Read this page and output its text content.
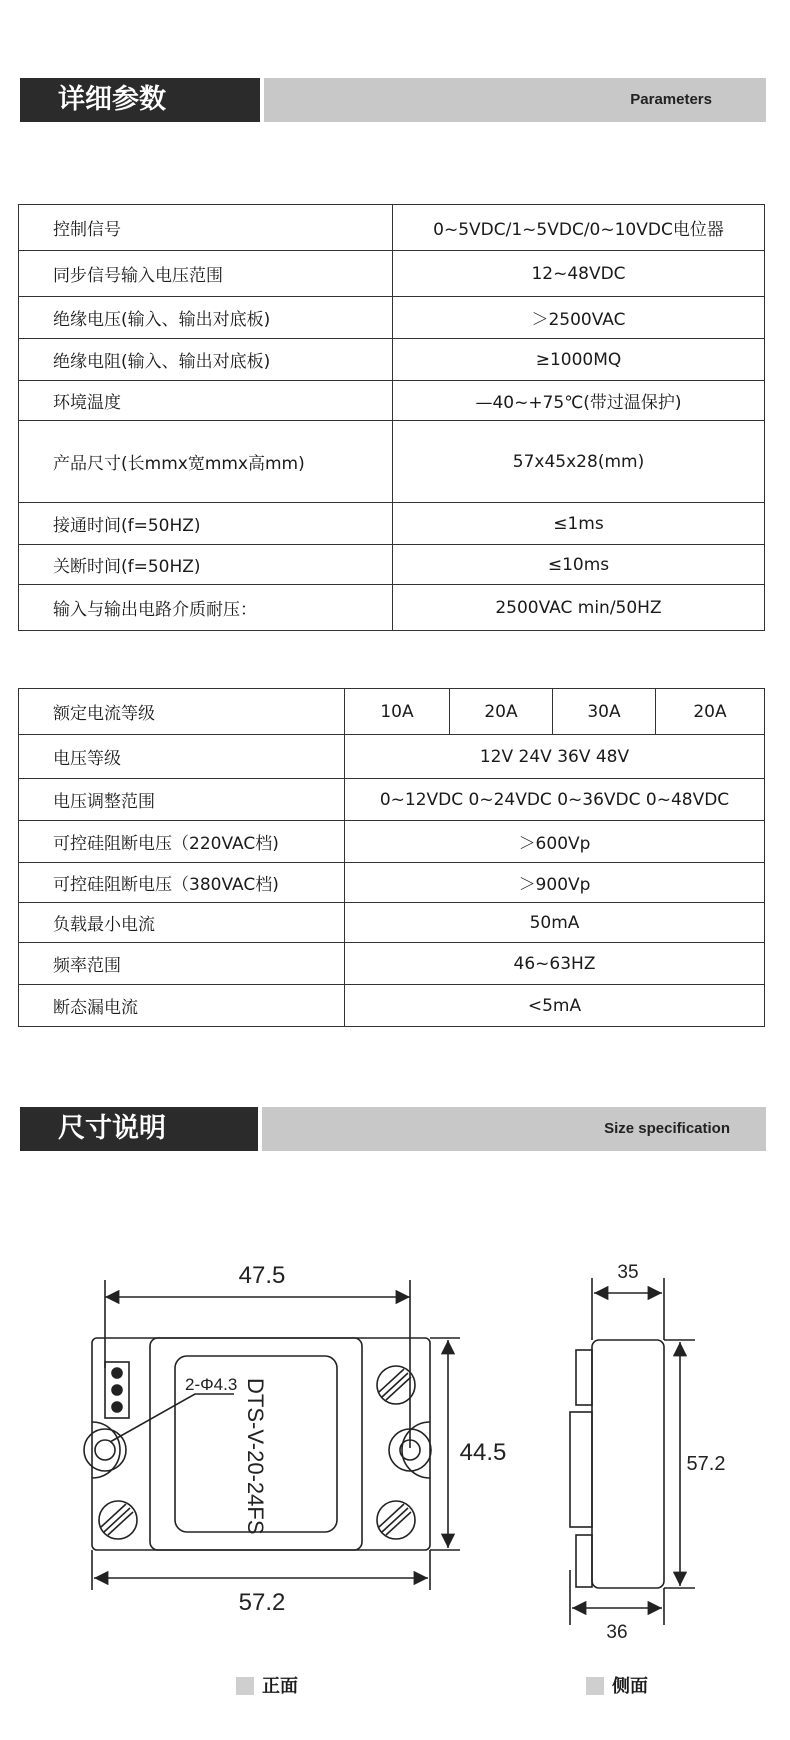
详细参数	Parameters
控制信号	0~5VDC/1~5VDC/0~10VDC电位器
同步信号输入电压范围	12~48VDC
绝缘电压(输入、输出对底板)	＞2500VAC
绝缘电阻(输入、输出对底板)	≥1000MQ
环境温度	—40~+75℃(带过温保护)
产品尺寸(长mmx宽mmx高mm)	57x45x28(mm)
接通时间(f=50HZ)	≤1ms
关断时间(f=50HZ)	≤10ms
输入与输出电路介质耐压：	2500VAC min/50HZ
额定电流等级	10A	20A	30A	20A
电压等级	12V 24V 36V 48V			
电压调整范围	0~12VDC 0~24VDC 0~36VDC 0~48VDC			
可控硅阻断电压（220VAC档)	＞600Vp			
可控硅阻断电压（380VAC档)	＞900Vp			
负载最小电流	50mA			
频率范围	46~63HZ			
断态漏电流	<5mA			
尺寸说明	Size specification
47.5
44.5
57.2
2-Φ4.3 DTS-V-20-24FS
35
57.2
36
正面	侧面
